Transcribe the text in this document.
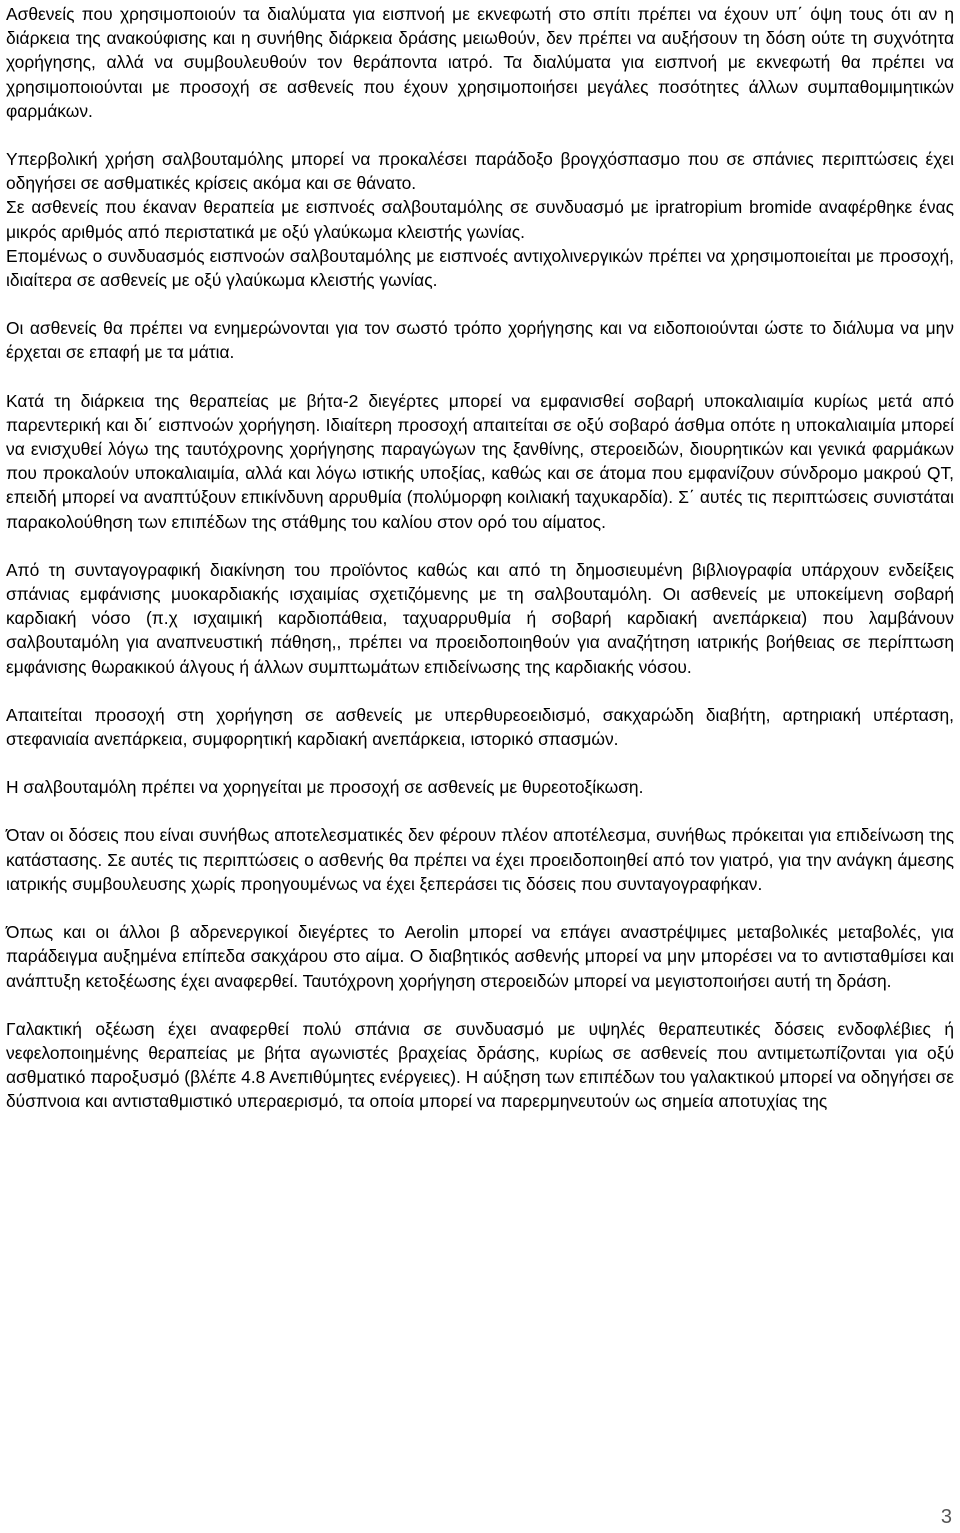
Ασθενείς που χρησιμοποιούν τα διαλύματα για εισπνοή με εκνεφωτή στο σπίτι πρέπει να έχουν υπ΄ όψη τους ότι αν η διάρκεια της ανακούφισης και η συνήθης διάρκεια δράσης μειωθούν, δεν πρέπει να αυξήσουν τη δόση ούτε τη συχνότητα χορήγησης, αλλά να συμβουλευθούν τον θεράποντα ιατρό. Τα διαλύματα για εισπνοή με εκνεφωτή θα πρέπει να χρησιμοποιούνται με προσοχή σε ασθενείς που έχουν χρησιμοποιήσει μεγάλες ποσότητες άλλων συμπαθομιμητικών φαρμάκων.

Υπερβολική χρήση σαλβουταμόλης μπορεί να προκαλέσει παράδοξο βρογχόσπασμο που σε σπάνιες περιπτώσεις έχει οδηγήσει σε ασθματικές κρίσεις ακόμα και σε θάνατο.

Σε ασθενείς που έκαναν θεραπεία με εισπνοές σαλβουταμόλης σε συνδυασμό με ipratropium bromide αναφέρθηκε ένας μικρός αριθμός από περιστατικά με οξύ γλαύκωμα κλειστής γωνίας.

Επομένως ο συνδυασμός εισπνοών σαλβουταμόλης με εισπνοές αντιχολινεργικών πρέπει να χρησιμοποιείται με προσοχή, ιδιαίτερα σε ασθενείς με οξύ γλαύκωμα κλειστής γωνίας.

Οι ασθενείς θα πρέπει να ενημερώνονται για τον σωστό τρόπο χορήγησης και να ειδοποιούνται ώστε το διάλυμα να μην έρχεται σε επαφή με τα μάτια.

Κατά τη διάρκεια της θεραπείας με βήτα-2 διεγέρτες μπορεί να εμφανισθεί σοβαρή υποκαλιαιμία κυρίως μετά από παρεντερική και δι΄ εισπνοών χορήγηση. Ιδιαίτερη προσοχή απαιτείται σε οξύ σοβαρό άσθμα οπότε η υποκαλιαιμία μπορεί να ενισχυθεί λόγω της ταυτόχρονης χορήγησης παραγώγων της ξανθίνης, στεροειδών, διουρητικών και γενικά φαρμάκων που προκαλούν υποκαλιαιμία, αλλά και λόγω ιστικής υποξίας, καθώς και σε άτομα που εμφανίζουν σύνδρομο μακρού QT, επειδή μπορεί να αναπτύξουν επικίνδυνη αρρυθμία (πολύμορφη κοιλιακή ταχυκαρδία). Σ΄ αυτές τις περιπτώσεις συνιστάται παρακολούθηση των επιπέδων της στάθμης του καλίου στον ορό του αίματος.

Από τη συνταγογραφική διακίνηση του προϊόντος καθώς και από τη δημοσιευμένη βιβλιογραφία υπάρχουν ενδείξεις σπάνιας εμφάνισης μυοκαρδιακής ισχαιμίας σχετιζόμενης με τη σαλβουταμόλη. Οι ασθενείς με υποκείμενη σοβαρή καρδιακή νόσο (π.χ ισχαιμική καρδιοπάθεια, ταχυαρρυθμία ή σοβαρή καρδιακή ανεπάρκεια) που λαμβάνουν σαλβουταμόλη για αναπνευστική πάθηση,, πρέπει να προειδοποιηθούν για αναζήτηση ιατρικής βοήθειας σε περίπτωση εμφάνισης θωρακικού άλγους ή άλλων συμπτωμάτων επιδείνωσης της καρδιακής νόσου.

Απαιτείται προσοχή στη χορήγηση σε ασθενείς με υπερθυρεοειδισμό, σακχαρώδη διαβήτη, αρτηριακή υπέρταση, στεφανιαία ανεπάρκεια, συμφορητική καρδιακή ανεπάρκεια, ιστορικό σπασμών.

Η σαλβουταμόλη πρέπει να χορηγείται με προσοχή σε ασθενείς με θυρεοτοξίκωση.

Όταν οι δόσεις που είναι συνήθως αποτελεσματικές δεν φέρουν πλέον αποτέλεσμα, συνήθως πρόκειται για επιδείνωση της κατάστασης. Σε αυτές τις περιπτώσεις ο ασθενής θα πρέπει να έχει προειδοποιηθεί από τον γιατρό, για την ανάγκη άμεσης ιατρικής συμβουλευσης χωρίς προηγουμένως να έχει ξεπεράσει τις δόσεις που συνταγογραφήκαν.

Όπως και οι άλλοι β αδρενεργικοί διεγέρτες το Aerolin μπορεί να επάγει αναστρέψιμες μεταβολικές μεταβολές, για παράδειγμα αυξημένα επίπεδα σακχάρου στο αίμα. Ο διαβητικός ασθενής μπορεί να μην μπορέσει να το αντισταθμίσει και ανάπτυξη κετοξέωσης έχει αναφερθεί. Ταυτόχρονη χορήγηση στεροειδών μπορεί να μεγιστοποιήσει αυτή τη δράση.

Γαλακτική οξέωση έχει αναφερθεί πολύ σπάνια σε συνδυασμό με υψηλές θεραπευτικές δόσεις ενδοφλέβιες ή νεφελοποιημένης θεραπείας με βήτα αγωνιστές βραχείας δράσης, κυρίως σε ασθενείς που αντιμετωπίζονται για οξύ ασθματικό παροξυσμό (βλέπε 4.8 Ανεπιθύμητες ενέργειες). Η αύξηση των επιπέδων του γαλακτικού μπορεί να οδηγήσει σε δύσπνοια και αντισταθμιστικό υπεραερισμό, τα οποία μπορεί να παρερμηνευτούν ως σημεία αποτυχίας της

3
